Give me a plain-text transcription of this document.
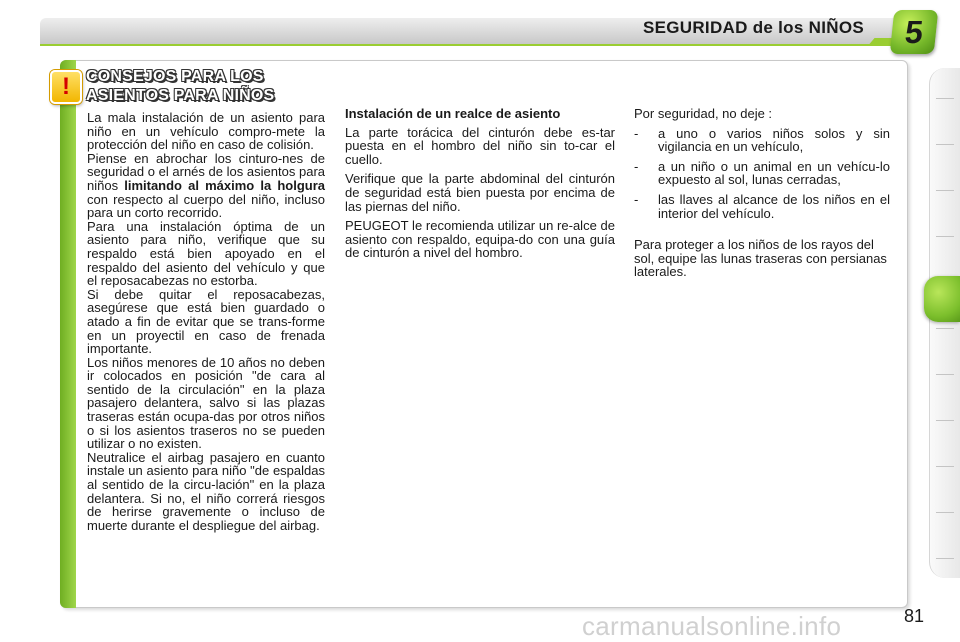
SEGURIDAD de los NIÑOS	5
! CONSEJOS PARA LOS
ASIENTOS PARA NIÑOS

La mala instalación de un asiento para niño en un vehículo compro-mete la protección del niño en caso de colisión.

Piense en abrochar los cinturo-nes de seguridad o el arnés de los asientos para niños limitando al máximo la holgura con respecto al cuerpo del niño, incluso para un corto recorrido.

Para una instalación óptima de un asiento para niño, verifique que su respaldo está bien apoyado en el respaldo del asiento del vehículo y que el reposacabezas no estorba.

Si debe quitar el reposacabezas, asegúrese que está bien guardado o atado a fin de evitar que se trans-forme en un proyectil en caso de frenada importante.

Los niños menores de 10 años no deben ir colocados en posición "de cara al sentido de la circulación" en la plaza pasajero delantera, salvo si las plazas traseras están ocupa-das por otros niños o si los asientos traseros no se pueden utilizar o no existen.

Neutralice el airbag pasajero en cuanto instale un asiento para niño "de espaldas al sentido de la circu-lación" en la plaza delantera. Si no, el niño correrá riesgos de herirse gravemente o incluso de muerte durante el despliegue del airbag.

Instalación de un realce de asiento

La parte torácica del cinturón debe es-tar puesta en el hombro del niño sin to-car el cuello.

Verifique que la parte abdominal del cinturón de seguridad está bien puesta por encima de las piernas del niño.

PEUGEOT le recomienda utilizar un re-alce de asiento con respaldo, equipa-do con una guía de cinturón a nivel del hombro.

Por seguridad, no deje :

- a uno o varios niños solos y sin vigilancia en un vehículo,
- a un niño o un animal en un vehícu-lo expuesto al sol, lunas cerradas,
- las llaves al alcance de los niños en el interior del vehículo.

Para proteger a los niños de los rayos del sol, equipe las lunas traseras con persianas laterales.

carmanualsonline.info	81
